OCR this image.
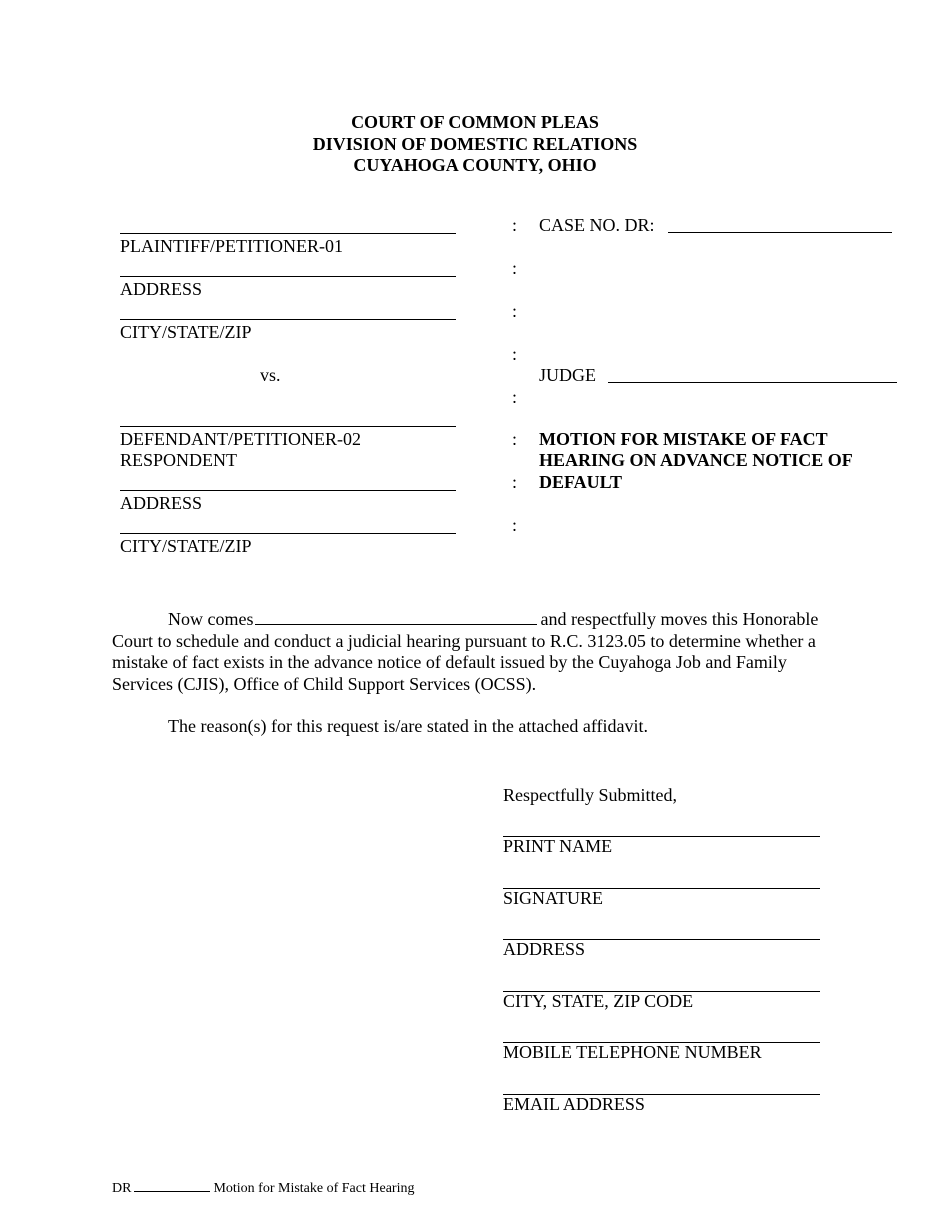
COURT OF COMMON PLEAS
DIVISION OF DOMESTIC RELATIONS
CUYAHOGA COUNTY, OHIO
PLAINTIFF/PETITIONER-01
ADDRESS
CITY/STATE/ZIP
vs.
DEFENDANT/PETITIONER-02
RESPONDENT
ADDRESS
CITY/STATE/ZIP
:
:
:
:
:
:
:
:
CASE NO. DR:
JUDGE
MOTION FOR MISTAKE OF FACT
HEARING ON ADVANCE NOTICE OF
DEFAULT
Now comes	and respectfully moves this Honorable Court to schedule and conduct a judicial hearing pursuant to R.C. 3123.05 to determine whether a mistake of fact exists in the advance notice of default issued by the Cuyahoga Job and Family Services (CJIS), Office of Child Support Services (OCSS).
The reason(s) for this request is/are stated in the attached affidavit.
Respectfully Submitted,
PRINT NAME
SIGNATURE
ADDRESS
CITY, STATE, ZIP CODE
MOBILE TELEPHONE NUMBER
EMAIL ADDRESS
DR	Motion for Mistake of Fact Hearing
